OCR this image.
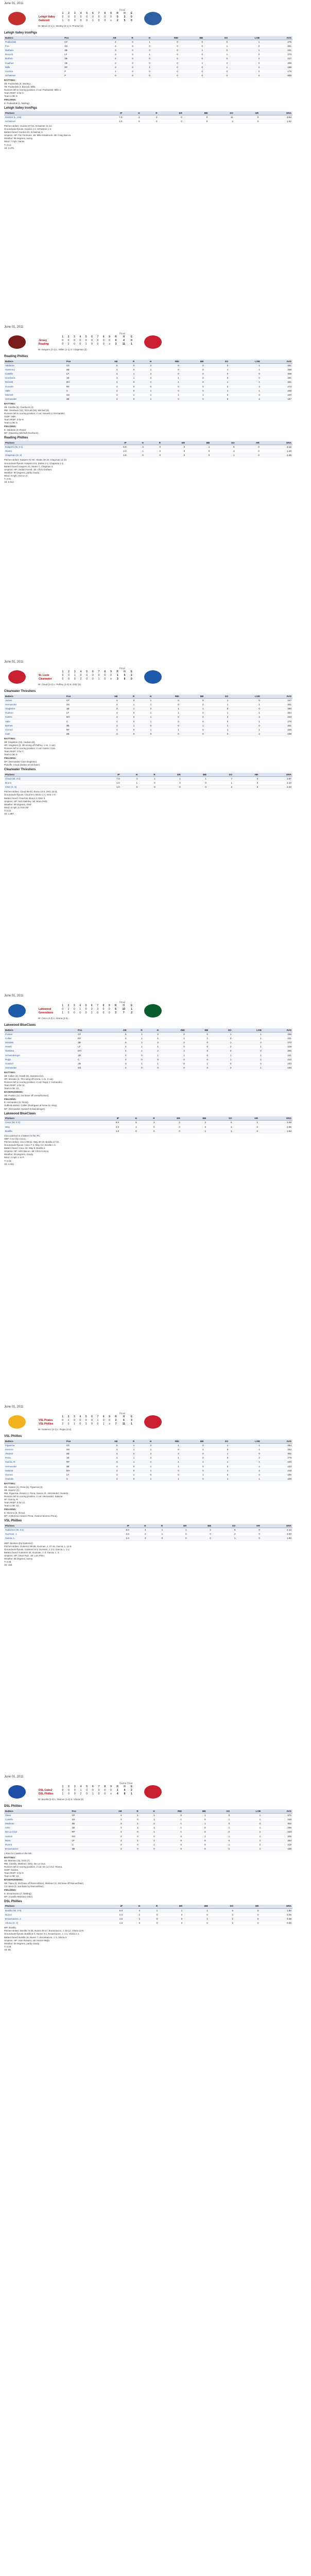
June 01, 2011
Final
	1	2	3	4	5	6	7	8	9	R	H	E
Lehigh Valley	0	0	0	0	0	0	0	0	0	0	3	0
Gwinnett	1	0	0	0	0	1	0	0	x	2	5	0
W: Minor (2-1) L: Worley (2-1) S: Proctor (2)
Lehigh Valley IronPigs
Batters	Pos	AB	R	H	RBI	BB	SO	LOB	AVG
Podsednik	CF	4	0	1	0	0	0	1	276
Fox	SS	4	0	0	0	0	1	0	261
Barbaro	3B	3	0	0	0	1	0	1	241
Bocock	LF	3	0	1	0	0	1	0	270
Borbon	2B	4	0	0	0	0	0	2	217
Kaaihue	1B	3	0	0	0	1	2	2	255
Mills	RF	3	0	1	0	0	1	0	186
Gordon	P	1	0	0	0	0	0	2	176
Schwimer	P	0	0	0	0	0	0	0	000
BATTING:

2B: Podsednik (5, Worley).

TB: Podsednik 2; Bocock; Mills.

Runners left in scoring position, 2 out: Podsednik; Mills 2.

Team RISP: 0-for-3.

Team LOB: 8.

FIELDING:

E: Podsednik (1, fielding).

Lehigh Valley IronPigs
Pitchers		IP	H	R	ER	BB	SO	HR	ERA
Gordon (L, 4-5)		7.0	2	2	0	0	11	0	3.64
Schwimer		1.0	0	0	0	0	2	0	1.62

Pitches-strikes: Gordon 87-54, Schwimer 21-14.

Groundouts-flyouts: Gordon 4-2, Schwimer 1-0.

Batters faced: Gordon 23, Schwimer 3.

Umpires: HP: Tim Timmons. 1B: Mike Estabrook. 2B: Craig Barron.

Weather: 85 degrees, sunny.

Wind: 7 mph, Varies.

T: 2:14.

Att: 3,375.

June 01, 2011
Final
	1	2	3	4	5	6	7	8	9	R	H	E
Jersey	0	0	0	0	0	0	0	0	0	0	4	0
Reading	0	2	0	0	1	0	0	0	x	3	11	1
W: Kaspers (2-1) L: Miller (1-1) S: Chapman (2)
Reading Phillies
Batters	Pos	AB	R	H	RBI	BB	SO	LOB	AVG
Valderas	CF	5	0	2	0	0	0	1	261
Sweeney	2B	4	0	1	0	0	1	1	299
Castillo	LF	4	1	2	0	0	0	0	306
Overbeck	1B	3	1	2	1	0	0	0	281
Rizzotti	DH	4	0	1	1	0	1	1	331
Hovarth	RF	4	0	0	0	0	2	3	273
Valle	C	4	0	1	0	0	1	1	248
Mitchell	SS	3	1	1	1	1	0	0	220
Hernandez	3B	4	0	1	0	0	0	2	187
BATTING:

2B: Castillo (6), Overbeck (4).

RBI: Overbeck (11), Rizzotti (29), Mitchell (8).

Runners left in scoring position, 2 out: Hovarth 2; Hernandez.

GIDP: Valle.

Team RISP: 2-for-8.

Team LOB: 9.

FIELDING:

E: Valderas (3, throw).

DP: (Sweeney-Mitchell-Overbeck).

Reading Phillies
Pitchers		IP	H	R	ER	BB	SO	HR	ERA
Kaspers (W, 2-1)		6.0	3	0	0	1	6	0	3.12
Stutes		2.0	1	0	0	0	3	0	1.48
Chapman (S, 2)		1.0	0	0	0	0	1	0	2.45

Pitches-strikes: Kaspers 91-60, Stutes 28-19, Chapman 14-10.

Groundouts-flyouts: Kaspers 6-5, Stutes 2-1, Chapman 1-1.

Batters faced: Kaspers 23, Stutes 7, Chapman 3.

Umpires: HP: Jordan Ferrell. 1B: Chris Graham.

Weather: 80 degrees, partly cloudy.

Wind: 5 mph, Out to LF.

T: 2:31.

Att: 6,112.

June 01, 2011
Final
	1	2	3	4	5	6	7	8	9	R	H	E
St. Lucie	0	0	1	0	0	0	0	0	0	1	5	2
Clearwater	0	0	0	2	0	0	1	0	x	3	8	0
W: Cloud (3-2) L: Pelfrey (1-4) S: Ortiz (5)
Clearwater Threshers
Batters	Pos	AB	R	H	RBI	BB	SO	LOB	AVG
James	CF	4	0	1	0	0	1	0	247
Hernandez	SS	4	1	1	0	0	1	1	261
Singleton	1B	3	1	2	1	1	0	0	290
Hudson	LF	4	0	1	1	0	1	1	254
Castro	DH	4	0	1	0	0	2	2	233
Valle	C	4	0	1	0	0	0	1	276
Barnes	3B	3	1	0	0	1	1	0	201
Gomez	RF	4	0	1	1	0	1	1	225
Cain	2B	3	0	0	0	0	0	2	198
BATTING:

2B: Singleton (10), Hudson (8).

HR: Singleton (5, 4th inning off Pelfrey, 1 on, 1 out).

Runners left in scoring position, 2 out: Castro; Cain.

Team RISP: 2-for-7.

Team LOB: 8.

FIELDING:

DP: (Hernandez-Cain-Singleton).

Pickoffs: Cloud (Dutton at 1st base).

Clearwater Threshers
Pitchers		IP	H	R	ER	BB	SO	HR	ERA
Cloud (W, 3-2)		7.0	4	1	1	1	7	0	2.87
Bruno		1.0	1	0	0	0	1	0	3.10
Ortiz (S, 5)		1.0	0	0	0	0	2	0	2.20

Pitches-strikes: Cloud 95-62, Bruno 14-9, Ortiz 15-11.

Groundouts-flyouts: Cloud 8-3, Bruno 1-1, Ortiz 1-0.

Batters faced: Cloud 26, Bruno 4, Ortiz 3.

Umpires: HP: Nick Mahrley. 1B: Brian Peltz.

Weather: 88 degrees, clear.

Wind: 9 mph, In from RF.

T: 2:22.

Att: 1,987.

June 01, 2011
Final
	1	2	3	4	5	6	7	8	9	R	H	E
Lakewood	0	2	0	1	0	0	3	0	0	6	10	1
Greensboro	1	0	0	0	0	2	0	0	0	3	7	2
W: Cisco (4-3) L: Urena (2-5)
Lakewood BlueClaws
Batters	Pos	AB	R	H	RBI	BB	SO	LOB	AVG
Pointer	CF	5	1	2	0	0	1	1	256
Collier	RF	4	1	1	1	1	0	1	231
Morales	3B	5	1	2	2	0	1	2	273
Hewitt	LF	4	1	1	0	0	2	1	229
Santana	DH	4	1	2	2	0	0	0	265
Schwindenger	1B	4	0	1	1	0	1	2	241
Rupp	C	4	0	0	0	0	1	2	212
Susdorf	2B	3	1	1	0	1	0	0	243
Hernandez	SS	4	0	0	0	0	2	1	190
BATTING:

2B: Collier (3), Hewitt (8), Santana (12).

HR: Morales (4, 7th inning off Urena, 1 on, 0 out).

Runners left in scoring position, 2 out: Rupp 2; Hernandez.

Team RISP: 4-for-11.

Team LOB: 10.

BASERUNNING:

SB: Pointer (12, 2nd base off Urena/Gomez).

FIELDING:

E: Hernandez (9, throw).

Outfield assists: Collier (Rodriguez at home by relay).

DP: (Hernandez-Susdorf-Schwindenger).

Lakewood BlueClaws
Pitchers		IP	H	R	ER	BB	SO	HR	ERA
Cisco (W, 4-3)		6.0	5	3	2	2	6	1	3.48
Way		2.0	2	0	0	0	2	0	2.95
Bonilla		1.0	0	0	0	1	1	0	1.84

Cisco pitched to 2 batters in the 7th.

HBP: Cruz (by Cisco).

Pitches-strikes: Cisco 98-61, Way 30-19, Bonilla 17-10.

Groundouts-flyouts: Cisco 7-4, Way 3-2, Bonilla 1-1.

Batters faced: Cisco 26, Way 8, Bonilla 4.

Umpires: HP: John Bacon. 1B: Chris Conroy.

Weather: 83 degrees, cloudy.

Wind: 4 mph, L to R.

T: 2:46.

Att: 4,421.

June 01, 2011
Final
	1	2	3	4	5	6	7	8	9	R	H	E
VSL Pirates	0	1	0	0	0	0	1	0	0	2	6	3
VSL Phillies	2	0	1	0	3	0	0	1	x	7	11	1
W: Gutierrez (3-1) L: Rojas (0-2)
VSL Phillies
Batters	Pos	AB	R	H	RBI	BB	SO	LOB	AVG
Figueroa	CF	5	1	2	1	0	1	1	284
Moreno	SS	4	1	1	0	1	0	1	262
Alvarez	2B	4	2	2	2	0	1	0	301
Pena	1B	4	1	2	1	0	0	2	275
Garcia, R.	RF	3	1	1	1	1	1	1	240
Hernandez	3B	4	0	1	1	0	2	2	233
Salazar	DH	4	0	1	0	0	1	2	218
Gomez	LF	3	1	0	0	1	0	0	196
Ovando	C	4	0	1	1	0	1	1	229
BATTING:

2B: Alvarez (4), Pena (6), Figueroa (3).

3B: Alvarez (2).

RBI: Figueroa, Alvarez 2, Pena, Garcia, R., Hernandez, Ovando.

Runners left in scoring position, 2 out: Hernandez; Salazar.

SF: Garcia, R.

Team RISP: 5-for-12.

Team LOB: 10.

FIELDING:

E: Moreno (6, throw).

DP: 2 (Moreno-Alvarez-Pena, Alvarez-Moreno-Pena).

VSL Phillies
Pitchers		IP	H	R	ER	BB	SO	HR	ERA
Gutierrez (W, 3-1)		6.0	4	1	1	2	5	0	2.14
Guzman, J.		2.0	2	1	0	0	2	0	3.00
Garcia, L.		1.0	0	0	0	0	1	0	1.50

HBP: Montero (by Gutierrez).

Pitches-strikes: Gutierrez 89-55, Guzman, J. 27-16, Garcia, L. 12-8.

Groundouts-flyouts: Gutierrez 8-3, Guzman, J. 2-2, Garcia, L. 1-1.

Batters faced: Gutierrez 24, Guzman, J. 8, Garcia, L. 3.

Umpires: HP: Omar Ruiz. 1B: Luis Pinto.

Weather: 86 degrees, sunny.

T: 2:38.

Att: 150.

June 01, 2011
Game Over
	1	2	3	4	5	6	7	8	9	R	H	E
DSL Cubs2	0	0	0	1	0	0	0	0	0	1	4	2
DSL Phillies	1	0	0	2	0	1	0	0	x	4	8	1
W: Bonilla (2-0) L: Ramos (1-2) S: Viloria (3)
DSL Phillies
Batters	Pos	AB	R	H	RBI	BB	SO	LOB	AVG
Tineo	CF	4	1	1	0	1	0	1	271
Castillo	SS	4	0	1	1	0	1	1	248
Martinez	2B	3	1	2	1	1	0	0	302
Ortiz	1B	4	1	1	1	0	1	1	266
De La Cruz	RF	4	0	1	1	0	2	2	233
Santos	DH	3	0	0	0	1	1	1	205
Mora	LF	4	1	1	0	0	0	1	254
Rivera	C	3	0	1	0	0	1	2	219
Encarnacion	3B	3	0	0	0	0	2	1	188

1-Ran for Castillo in the 8th.

BATTING:

2B: Martinez (5), Ortiz (7).

RBI: Castillo, Martinez, Ortiz, De La Cruz.

Runners left in scoring position, 2 out: De La Cruz; Rivera.

GIDP: Santos.

Team RISP: 3-for-9.

Team LOB: 10.

BASERUNNING:

SB: Tineo (9, 2nd base off Ramos/Diaz), Martinez (4, 3rd base off Ramos/Diaz).

CS: Mora (2, 2nd base by Ramos/Diaz).

FIELDING:

E: Encarnacion (7, fielding).

DP: (Castillo-Martinez-Ortiz).

DSL Phillies
Pitchers		IP	H	R	ER	BB	SO	HR	ERA
Bonilla (W, 2-0)		5.0	2	1	1	1	6	0	1.80
Nunez		2.0	1	0	0	0	2	0	2.25
Encarnacion, J.		1.0	1	0	0	1	1	0	3.38
Viloria (S, 3)		1.0	0	0	0	0	1	0	0.00

WP: Bonilla.

Pitches-strikes: Bonilla 74-46, Nunez 25-17, Encarnacion, J. 20-12, Viloria 13-9.

Groundouts-flyouts: Bonilla 5-3, Nunez 3-1, Encarnacion, J. 1-1, Viloria 1-1.

Batters faced: Bonilla 18, Nunez 7, Encarnacion, J. 5, Viloria 3.

Umpires: HP: Jose Rosario. 1B: Hector Mejia.

Weather: 84 degrees, partly cloudy.

T: 2:29.

Att: 85.
